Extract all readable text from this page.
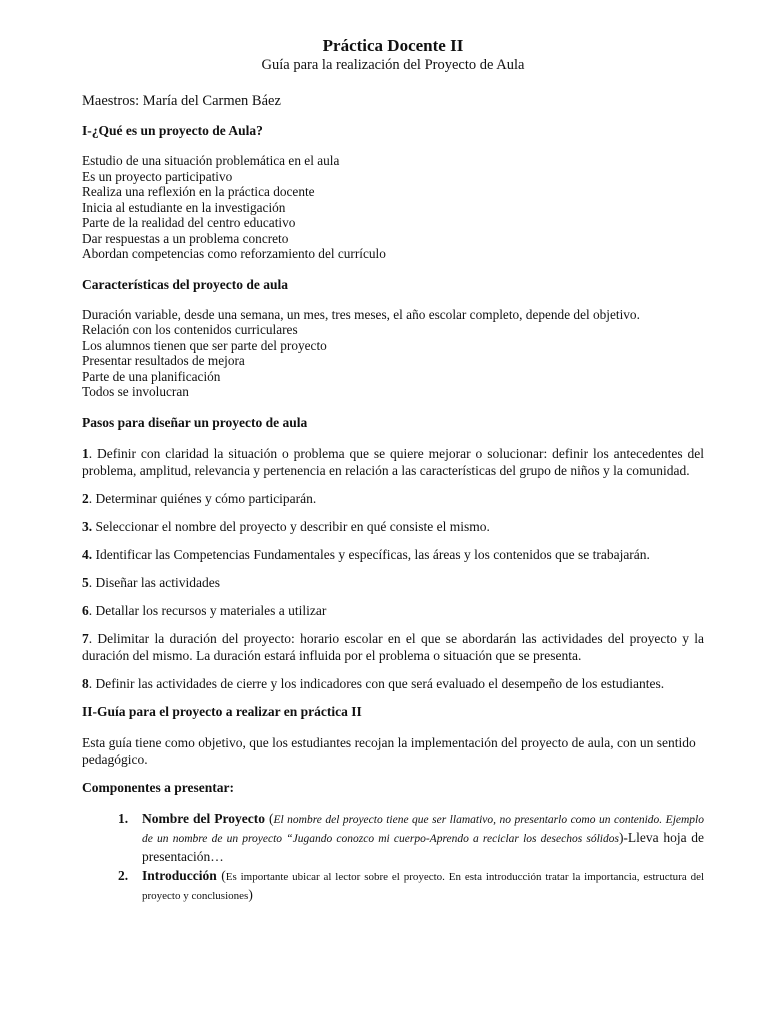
Práctica Docente II

Guía para la realización del Proyecto de Aula

Maestros: María del Carmen Báez

I-¿Qué es un proyecto de Aula?
Estudio de una situación problemática en el aula
Es un proyecto participativo
Realiza una reflexión en la práctica docente
Inicia al estudiante en la investigación
Parte de la realidad del centro educativo
Dar respuestas a un problema concreto
Abordan competencias como reforzamiento del currículo
Características del proyecto de aula
Duración variable, desde una semana, un mes, tres meses, el año escolar completo, depende del objetivo.
Relación con los contenidos curriculares
Los alumnos tienen que ser parte del proyecto
Presentar resultados de mejora
Parte de una planificación
Todos se involucran
Pasos para diseñar un proyecto de aula

1. Definir con claridad la situación o problema que se quiere mejorar o solucionar: definir los antecedentes del problema, amplitud, relevancia y pertenencia en relación a las características del grupo de niños y la comunidad.

2. Determinar quiénes y cómo participarán.

3. Seleccionar el nombre del proyecto y describir en qué consiste el mismo.

4. Identificar las Competencias Fundamentales y específicas, las áreas y los contenidos que se trabajarán.

5. Diseñar las actividades

6. Detallar los recursos y materiales a utilizar

7. Delimitar la duración del proyecto: horario escolar en el que se abordarán las actividades del proyecto y la duración del mismo. La duración estará influida por el problema o situación que se presenta.

8. Definir las actividades de cierre y los indicadores con que será evaluado el desempeño de los estudiantes.

II-Guía para el proyecto a realizar en práctica II

Esta guía tiene como objetivo, que los estudiantes recojan la implementación del proyecto de aula, con un sentido pedagógico.

Componentes a presentar:
1.	Nombre del Proyecto (El nombre del proyecto tiene que ser llamativo, no presentarlo como un contenido. Ejemplo de un nombre de un proyecto “Jugando conozco mi cuerpo-Aprendo a reciclar los desechos sólidos)-Lleva hoja de presentación…
2.	Introducción (Es importante ubicar al lector sobre el proyecto. En esta introducción tratar la importancia, estructura del proyecto y conclusiones)
